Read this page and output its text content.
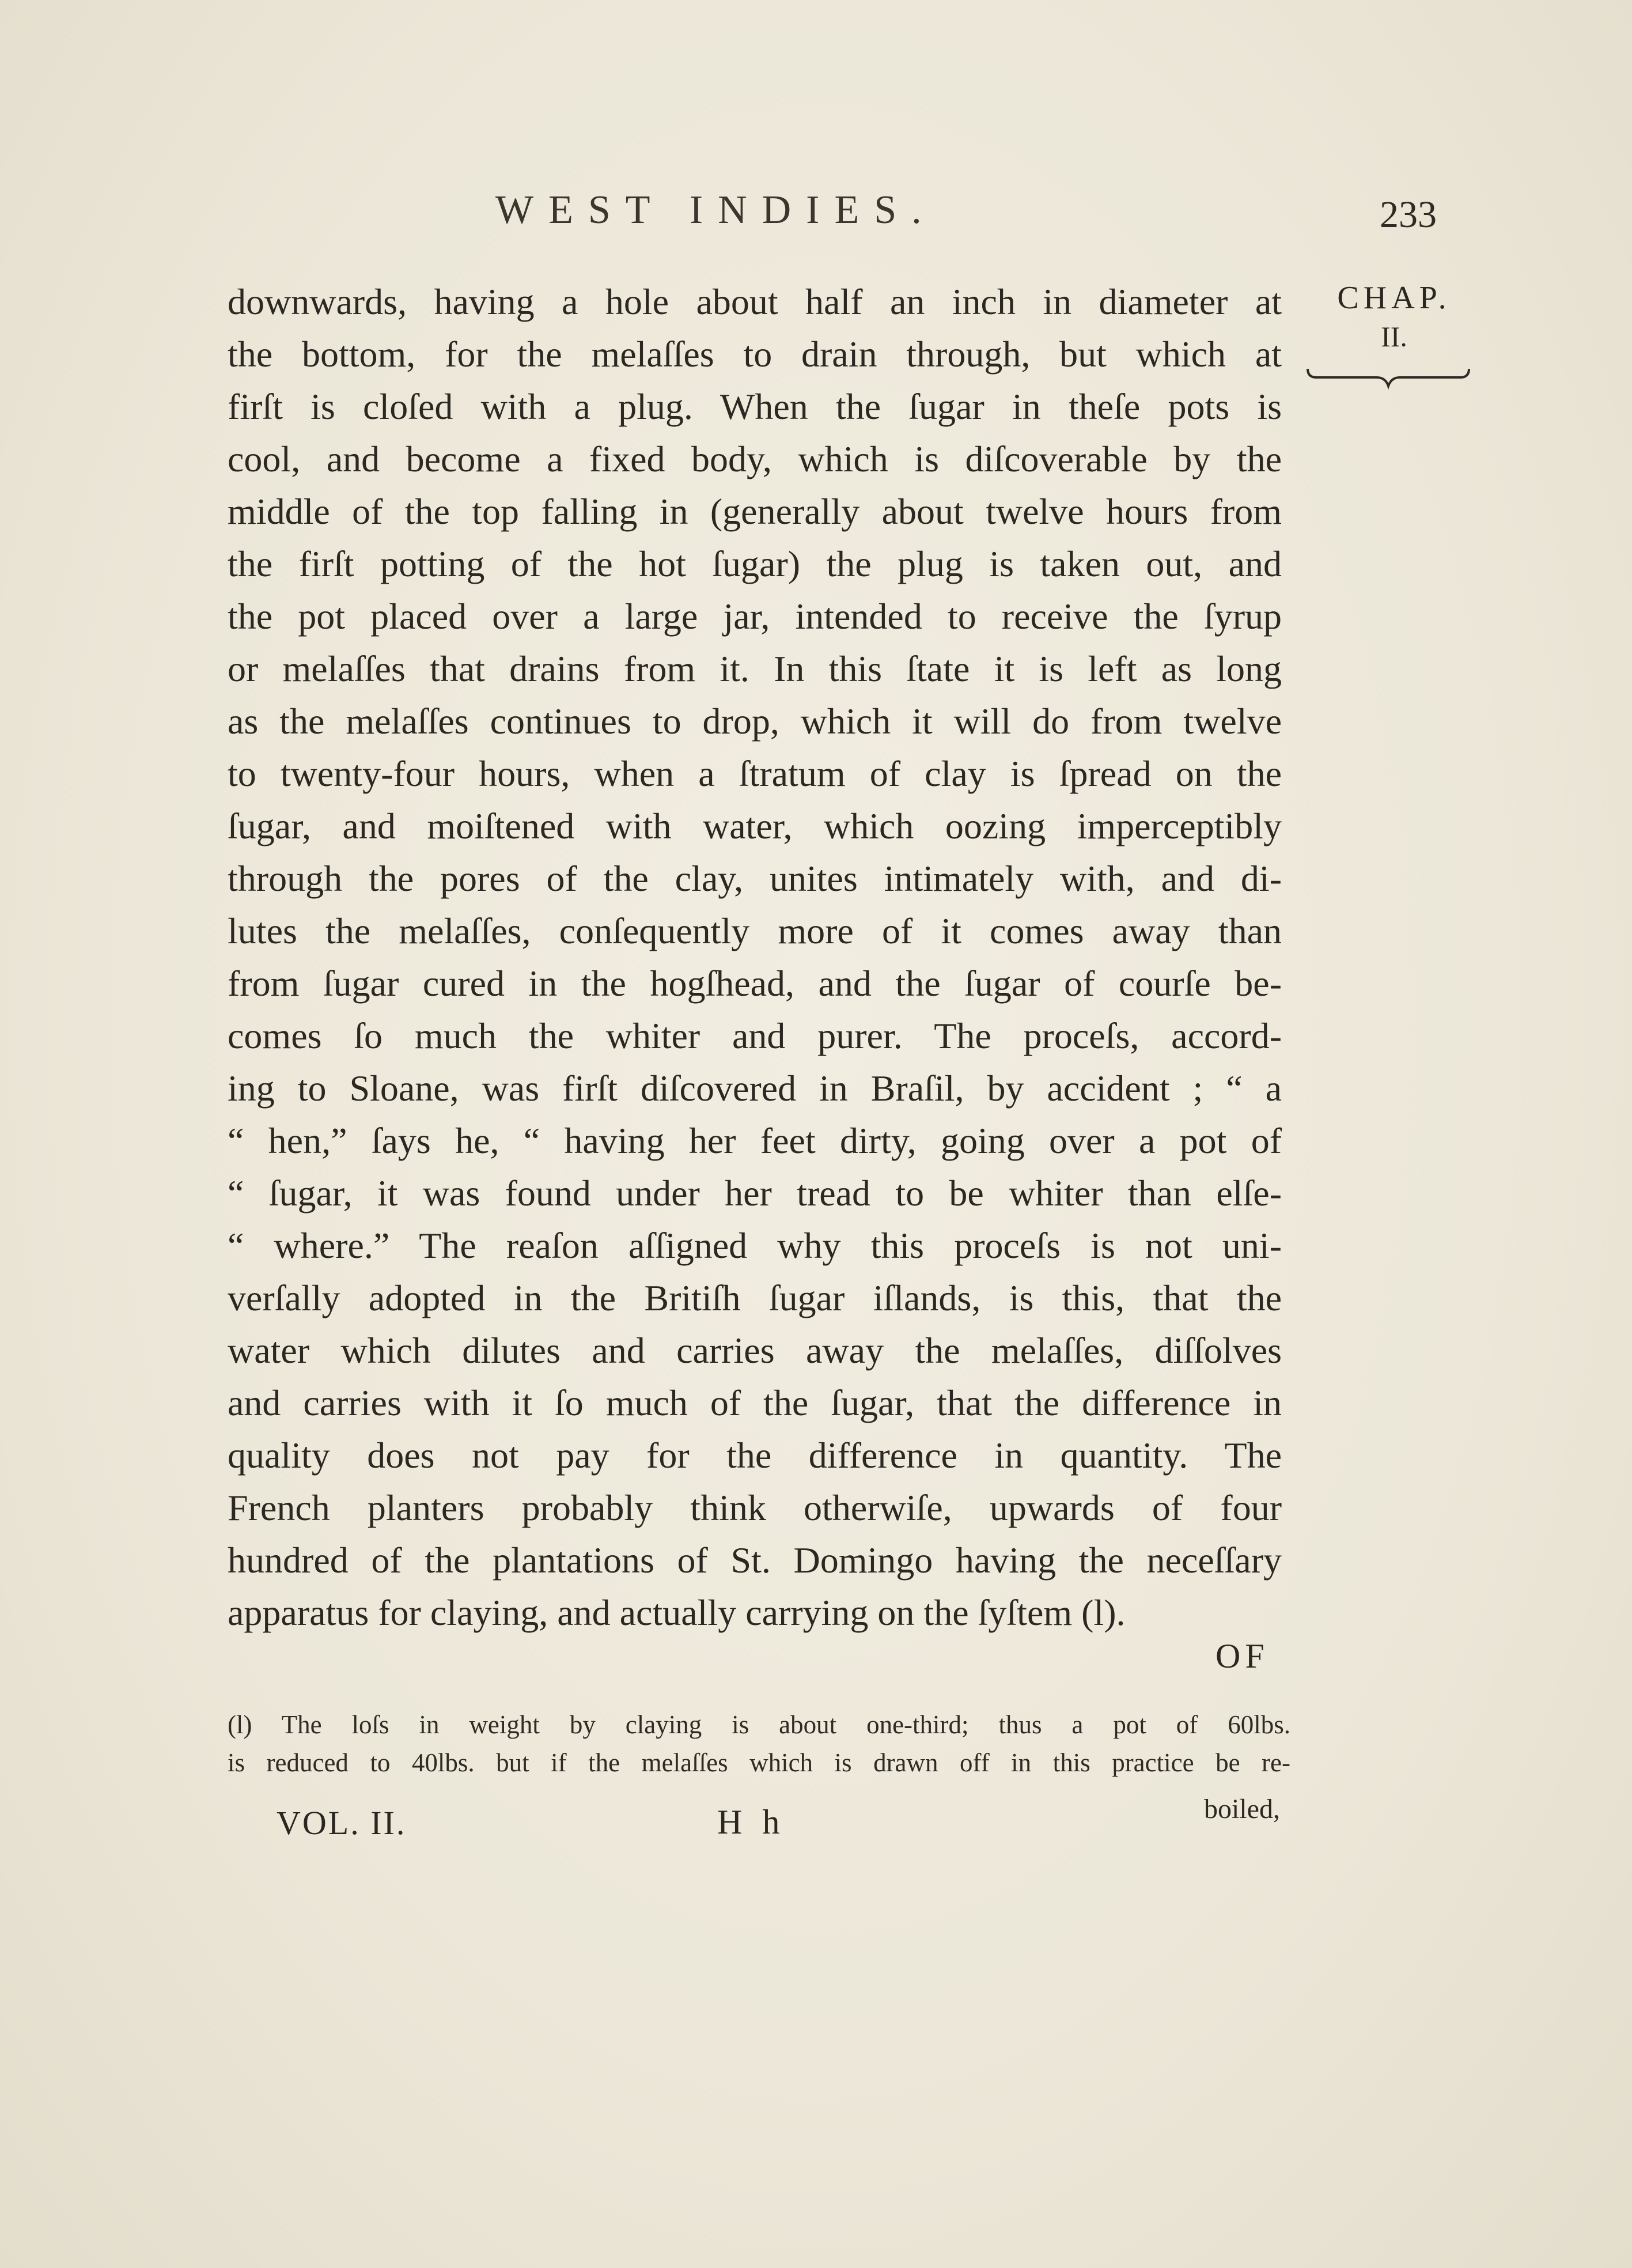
WEST INDIES.	233
CHAP.
II.
downwards, having a hole about half an inch in diameter at
the bottom, for the melaſſes to drain through, but which at
firſt is cloſed with a plug. When the ſugar in theſe pots is
cool, and become a fixed body, which is diſcoverable by the
middle of the top falling in (generally about twelve hours from
the firſt potting of the hot ſugar) the plug is taken out, and
the pot placed over a large jar, intended to receive the ſyrup
or melaſſes that drains from it. In this ſtate it is left as long
as the melaſſes continues to drop, which it will do from twelve
to twenty-four hours, when a ſtratum of clay is ſpread on the
ſugar, and moiſtened with water, which oozing imperceptibly
through the pores of the clay, unites intimately with, and di-
lutes the melaſſes, conſequently more of it comes away than
from ſugar cured in the hogſhead, and the ſugar of courſe be-
comes ſo much the whiter and purer. The proceſs, accord-
ing to Sloane, was firſt diſcovered in Braſil, by accident ; “ a
“ hen,” ſays he, “ having her feet dirty, going over a pot of
“ ſugar, it was found under her tread to be whiter than elſe-
“ where.” The reaſon aſſigned why this proceſs is not uni-
verſally adopted in the Britiſh ſugar iſlands, is this, that the
water which dilutes and carries away the melaſſes, diſſolves
and carries with it ſo much of the ſugar, that the difference in
quality does not pay for the difference in quantity. The
French planters probably think otherwiſe, upwards of four
hundred of the plantations of St. Domingo having the neceſſary
apparatus for claying, and actually carrying on the ſyſtem (l).
OF
(l) The loſs in weight by claying is about one-third; thus a pot of 60lbs.
is reduced to 40lbs. but if the melaſſes which is drawn off in this practice be re-
VOL. II.	H h	boiled,
